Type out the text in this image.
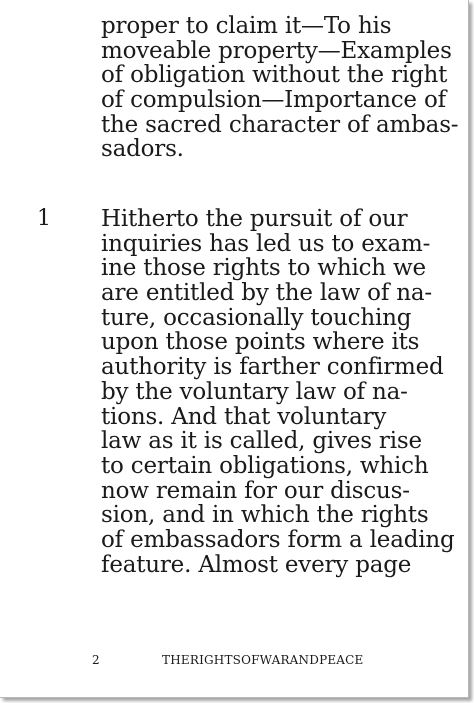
proper to claim it—To his
moveable property—Examples
of obligation without the right
of compulsion—Importance of
the sacred character of ambas-
sadors.
1 Hitherto the pursuit of our
inquiries has led us to exam-
ine those rights to which we
are entitled by the law of na-
ture, occasionally touching
upon those points where its
authority is farther confirmed
by the voluntary law of na-
tions. And that voluntary
law as it is called, gives rise
to certain obligations, which
now remain for our discus-
sion, and in which the rights
of embassadors form a leading
feature. Almost every page
2	THERIGHTSOFWARANDPEACE
